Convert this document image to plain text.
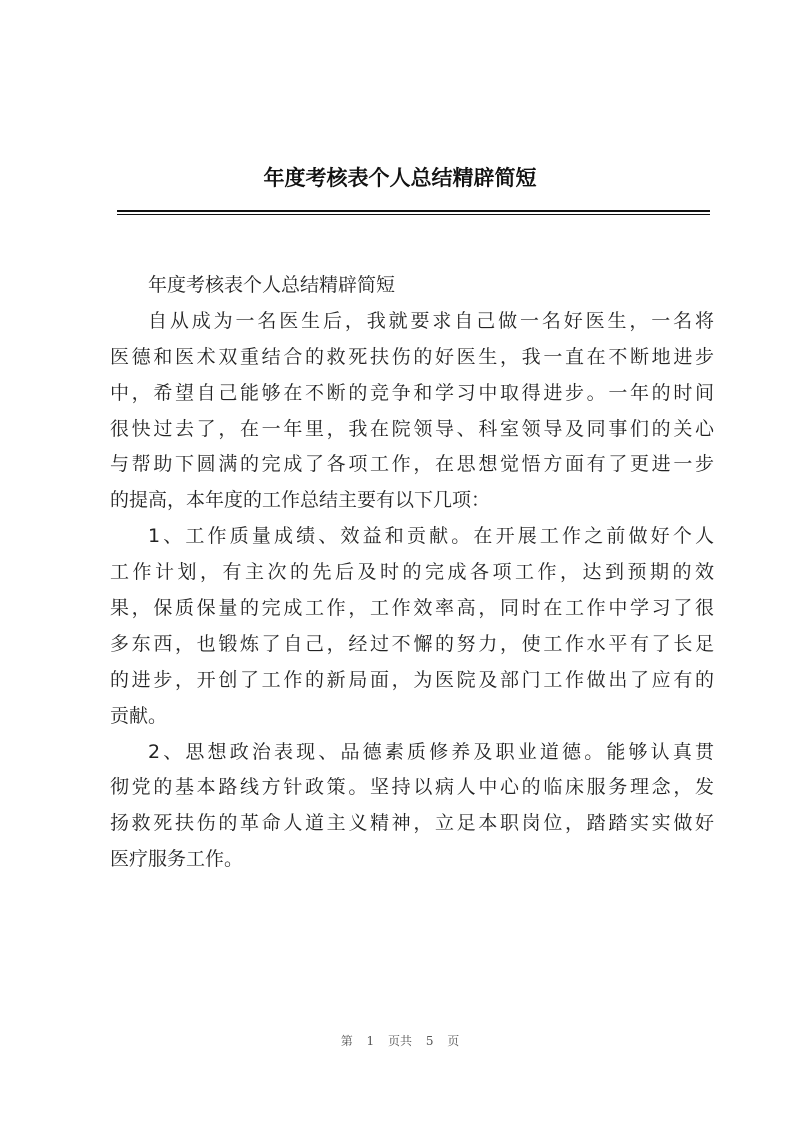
年度考核表个人总结精辟简短
年度考核表个人总结精辟简短
自从成为一名医生后，我就要求自己做一名好医生，一名将
医德和医术双重结合的救死扶伤的好医生，我一直在不断地进步
中，希望自己能够在不断的竞争和学习中取得进步。一年的时间
很快过去了，在一年里，我在院领导、科室领导及同事们的关心
与帮助下圆满的完成了各项工作，在思想觉悟方面有了更进一步
的提高，本年度的工作总结主要有以下几项：
1、工作质量成绩、效益和贡献。在开展工作之前做好个人
工作计划，有主次的先后及时的完成各项工作，达到预期的效
果，保质保量的完成工作，工作效率高，同时在工作中学习了很
多东西，也锻炼了自己，经过不懈的努力，使工作水平有了长足
的进步，开创了工作的新局面，为医院及部门工作做出了应有的
贡献。
2、思想政治表现、品德素质修养及职业道德。能够认真贯
彻党的基本路线方针政策。坚持以病人中心的临床服务理念，发
扬救死扶伤的革命人道主义精神，立足本职岗位，踏踏实实做好
医疗服务工作。
第 1 页共 5 页
